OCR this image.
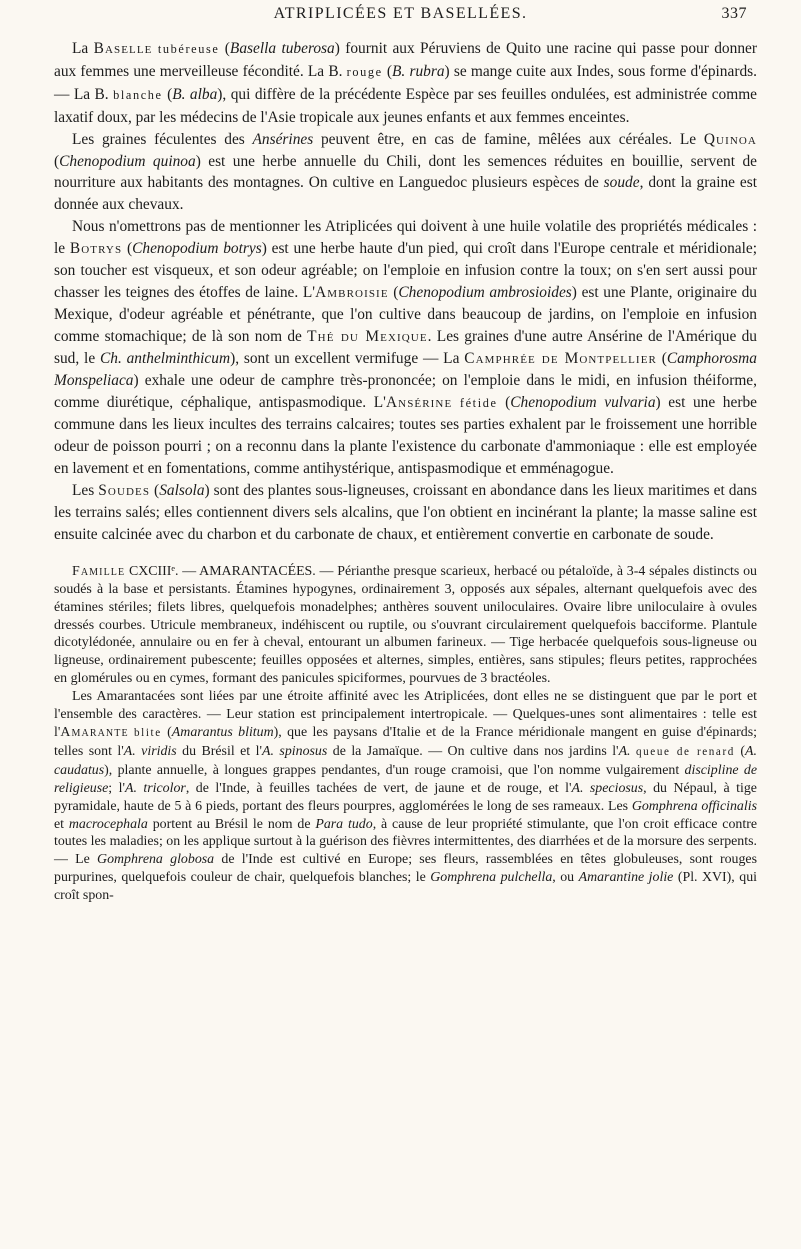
ATRIPLICÉES ET BASELLÉES.	337

La Baselle tubéreuse (Basella tuberosa) fournit aux Péruviens de Quito une racine qui passe pour donner aux femmes une merveilleuse fécondité. La B. rouge (B. rubra) se mange cuite aux Indes, sous forme d'épinards. — La B. blanche (B. alba), qui diffère de la précédente Espèce par ses feuilles ondulées, est administrée comme laxatif doux, par les médecins de l'Asie tropicale aux jeunes enfants et aux femmes enceintes.

Les graines féculentes des Ansérines peuvent être, en cas de famine, mêlées aux céréales. Le Quinoa (Chenopodium quinoa) est une herbe annuelle du Chili, dont les semences réduites en bouillie, servent de nourriture aux habitants des montagnes. On cultive en Languedoc plusieurs espèces de soude, dont la graine est donnée aux chevaux.

Nous n'omettrons pas de mentionner les Atriplicées qui doivent à une huile volatile des propriétés médicales : le Botrys (Chenopodium botrys) est une herbe haute d'un pied, qui croît dans l'Europe centrale et méridionale; son toucher est visqueux, et son odeur agréable; on l'emploie en infusion contre la toux; on s'en sert aussi pour chasser les teignes des étoffes de laine. L'Ambroisie (Chenopodium ambrosioides) est une Plante, originaire du Mexique, d'odeur agréable et pénétrante, que l'on cultive dans beaucoup de jardins, on l'emploie en infusion comme stomachique; de là son nom de Thé du Mexique. Les graines d'une autre Ansérine de l'Amérique du sud, le Ch. anthelminthicum), sont un excellent vermifuge — La Camphrée de Montpellier (Camphorosma Monspeliaca) exhale une odeur de camphre très-prononcée; on l'emploie dans le midi, en infusion théiforme, comme diurétique, céphalique, antispasmodique. L'Ansérine fétide (Chenopodium vulvaria) est une herbe commune dans les lieux incultes des terrains calcaires; toutes ses parties exhalent par le froissement une horrible odeur de poisson pourri ; on a reconnu dans la plante l'existence du carbonate d'ammoniaque : elle est employée en lavement et en fomentations, comme antihystérique, antispasmodique et emménagogue.

Les Soudes (Salsola) sont des plantes sous-ligneuses, croissant en abondance dans les lieux maritimes et dans les terrains salés; elles contiennent divers sels alcalins, que l'on obtient en incinérant la plante; la masse saline est ensuite calcinée avec du charbon et du carbonate de chaux, et entièrement convertie en carbonate de soude.

Famille CXCIIIᵉ. — AMARANTACÉES. — Périanthe presque scarieux, herbacé ou pétaloïde, à 3-4 sépales distincts ou soudés à la base et persistants. Étamines hypogynes, ordinairement 3, opposés aux sépales, alternant quelquefois avec des étamines stériles; filets libres, quelquefois monadelphes; anthères souvent uniloculaires. Ovaire libre uniloculaire à ovules dressés courbes. Utricule membraneux, indéhiscent ou ruptile, ou s'ouvrant circulairement quelquefois bacciforme. Plantule dicotylédonée, annulaire ou en fer à cheval, entourant un albumen farineux. — Tige herbacée quelquefois sous-ligneuse ou ligneuse, ordinairement pubescente; feuilles opposées et alternes, simples, entières, sans stipules; fleurs petites, rapprochées en glomérules ou en cymes, formant des panicules spiciformes, pourvues de 3 bractéoles.

Les Amarantacées sont liées par une étroite affinité avec les Atriplicées, dont elles ne se distinguent que par le port et l'ensemble des caractères. — Leur station est principalement intertropicale. — Quelques-unes sont alimentaires : telle est l'Amarante blite (Amarantus blitum), que les paysans d'Italie et de la France méridionale mangent en guise d'épinards; telles sont l'A. viridis du Brésil et l'A. spinosus de la Jamaïque. — On cultive dans nos jardins l'A. queue de renard (A. caudatus), plante annuelle, à longues grappes pendantes, d'un rouge cramoisi, que l'on nomme vulgairement discipline de religieuse; l'A. tricolor, de l'Inde, à feuilles tachées de vert, de jaune et de rouge, et l'A. speciosus, du Népaul, à tige pyramidale, haute de 5 à 6 pieds, portant des fleurs pourpres, agglomérées le long de ses rameaux. Les Gomphrena officinalis et macrocephala portent au Brésil le nom de Para tudo, à cause de leur propriété stimulante, que l'on croit efficace contre toutes les maladies; on les applique surtout à la guérison des fièvres intermittentes, des diarrhées et de la morsure des serpents. — Le Gomphrena globosa de l'Inde est cultivé en Europe; ses fleurs, rassemblées en têtes globuleuses, sont rouges purpurines, quelquefois couleur de chair, quelquefois blanches; le Gomphrena pulchella, ou Amarantine jolie (Pl. XVI), qui croît spon-
